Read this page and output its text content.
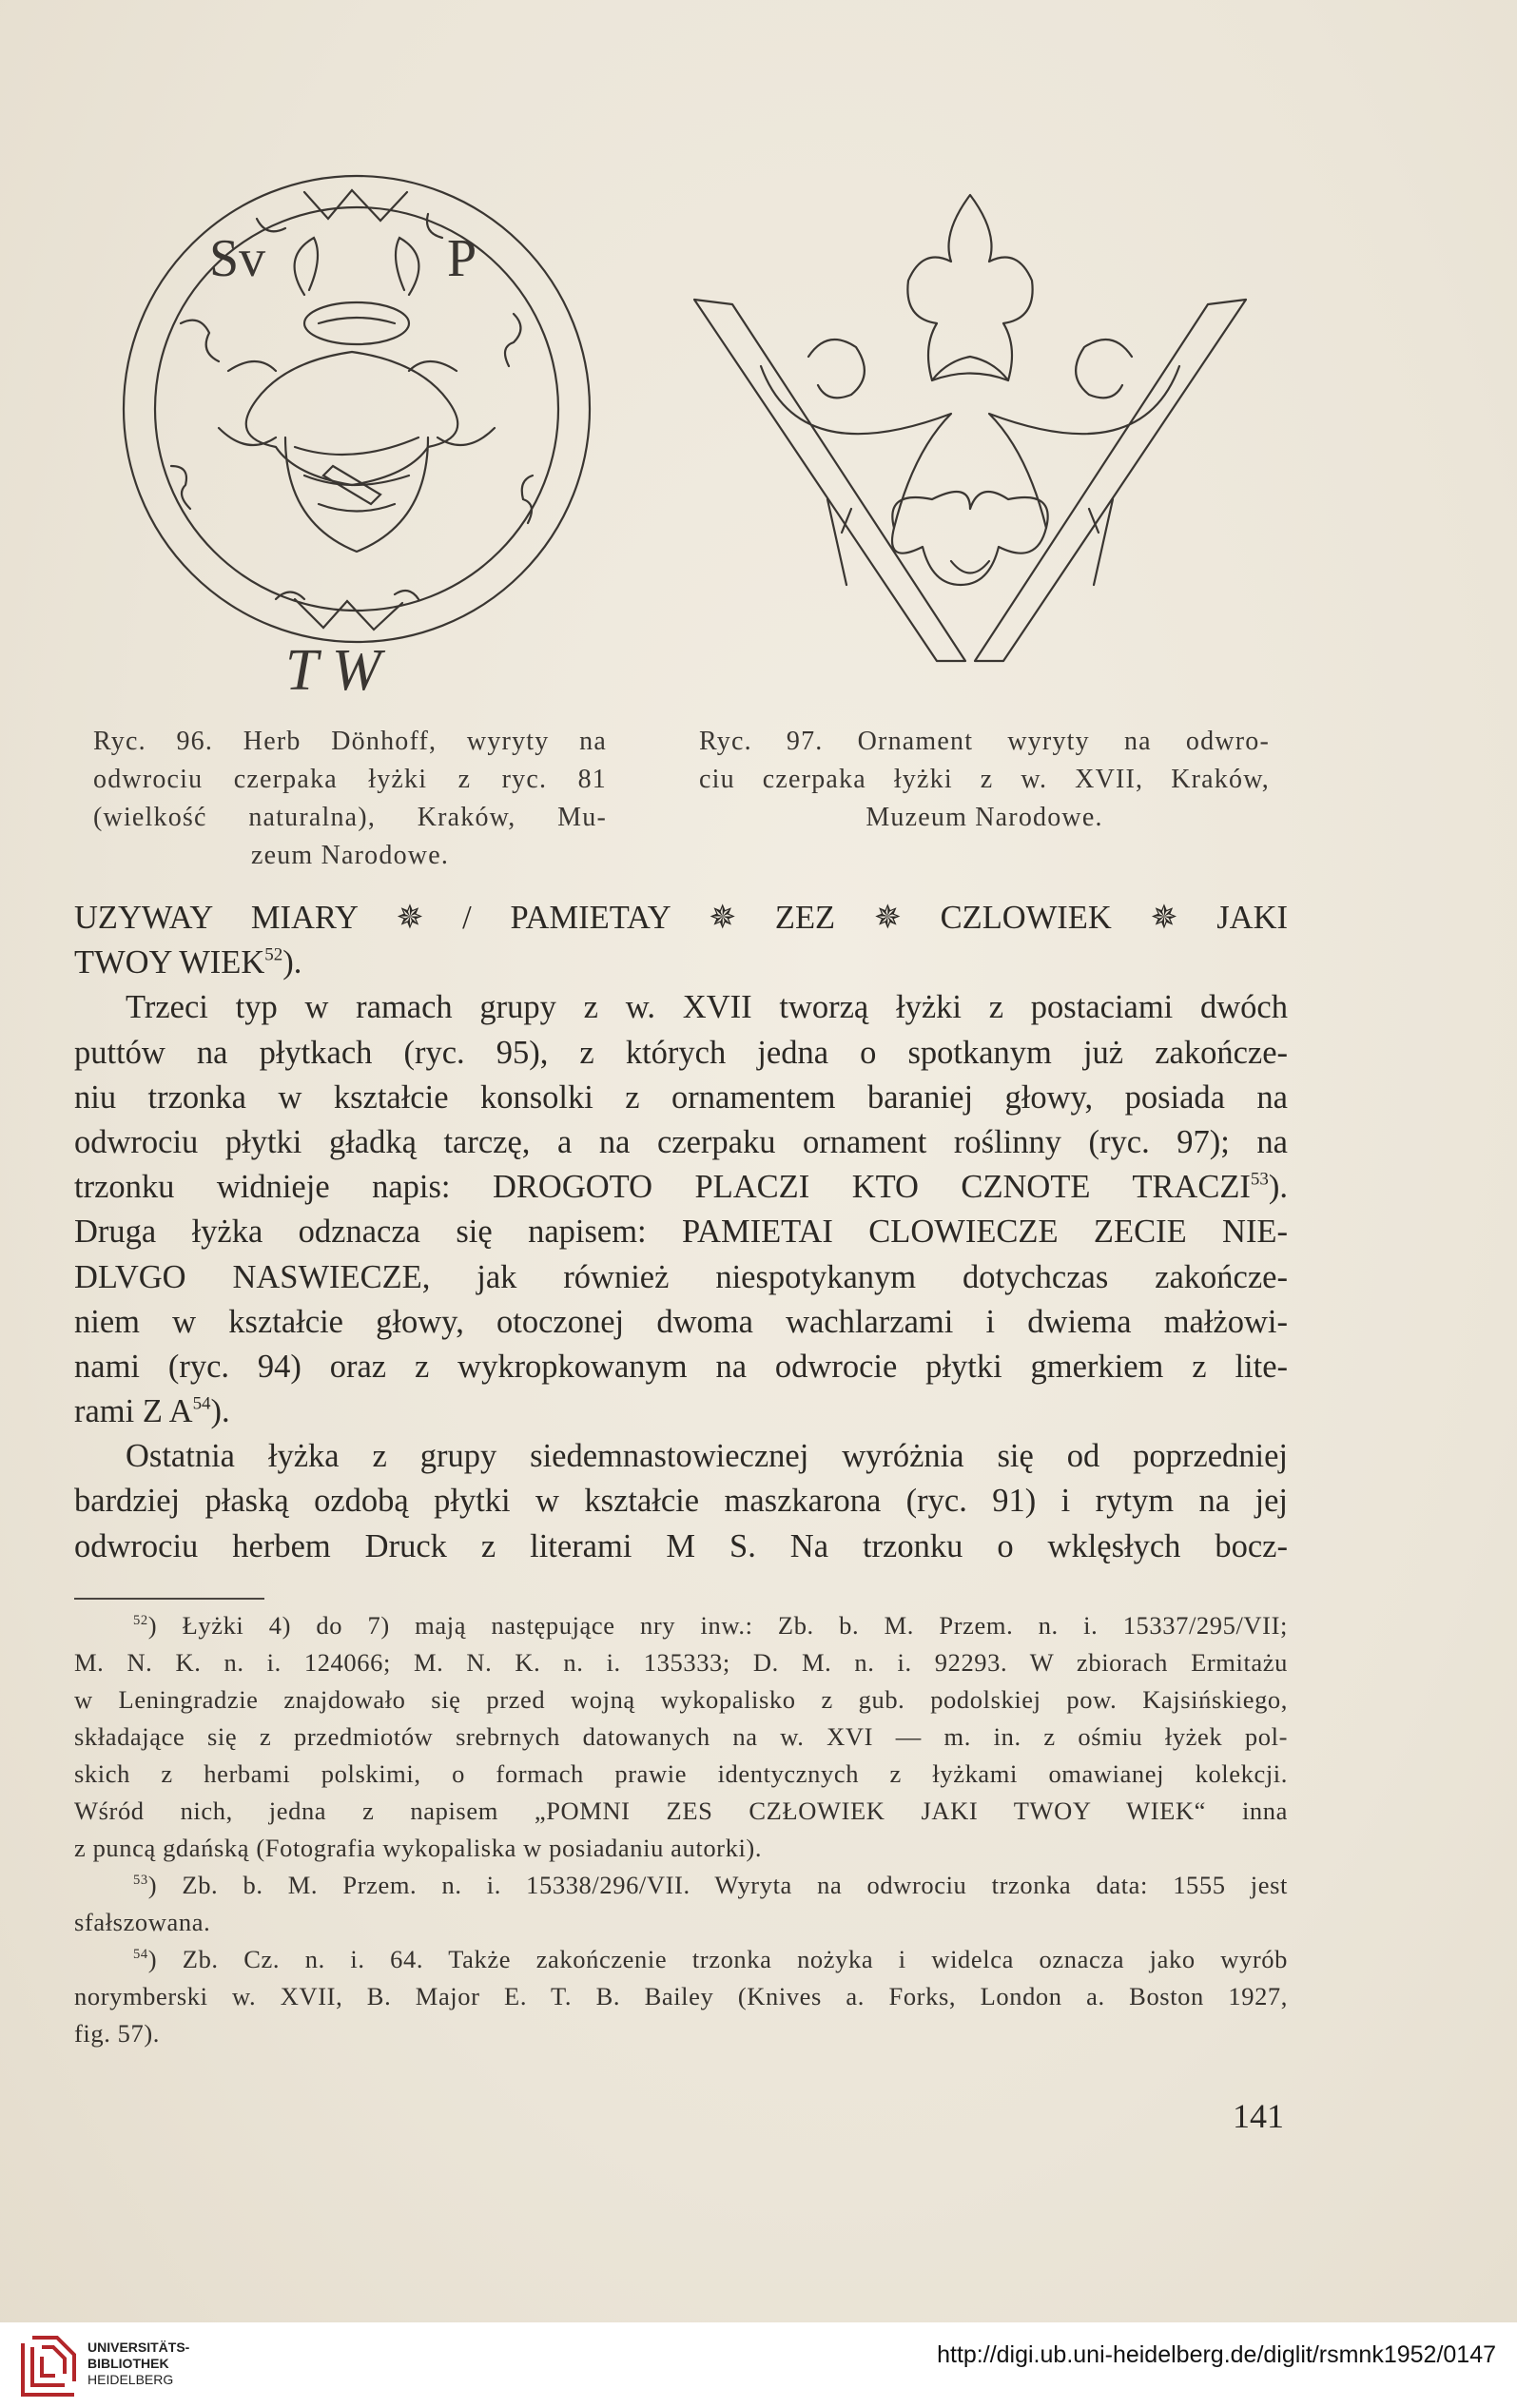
Sv	P
T W
Ryc. 96. Herb Dönhoff, wyryty na
odwrociu czerpaka łyżki z ryc. 81
(wielkość naturalna), Kraków, Mu-
zeum Narodowe.
Ryc. 97. Ornament wyryty na odwro-
ciu czerpaka łyżki z w. XVII, Kraków,
Muzeum Narodowe.
UZYWAY MIARY ✵ / PAMIETAY ✵ ZEZ ✵ CZLOWIEK ✵ JAKI
TWOY WIEK$^{52}$).
Trzeci typ w ramach grupy z w. XVII tworzą łyżki z postaciami dwóch
puttów na płytkach (ryc. 95), z których jedna o spotkanym już zakończe-
niu trzonka w kształcie konsolki z ornamentem baraniej głowy, posiada na
odwrociu płytki gładką tarczę, a na czerpaku ornament roślinny (ryc. 97); na
trzonku widnieje napis: DROGOTO PLACZI KTO CZNOTE TRACZI$^{53}$).
Druga łyżka odznacza się napisem: PAMIETAI CLOWIECZE ZECIE NIE-
DLVGO NASWIECZE, jak również niespotykanym dotychczas zakończe-
niem w kształcie głowy, otoczonej dwoma wachlarzami i dwiema małżowi-
nami (ryc. 94) oraz z wykropkowanym na odwrocie płytki gmerkiem z lite-
rami Z $A^{54}$).
Ostatnia łyżka z grupy siedemnastowiecznej wyróżnia się od poprzedniej
bardziej płaską ozdobą płytki w kształcie maszkarona (ryc. 91) i rytym na jej
odwrociu herbem Druck z literami M S. Na trzonku o wklęsłych bocz-
$^{52}$) Łyżki 4) do 7) mają następujące nry inw.: Zb. b. M. Przem. n. i. 15337/295/VII;
M. N. K. n. i. 124066; M. N. K. n. i. 135333; D. M. n. i. 92293. W zbiorach Ermitażu
w Leningradzie znajdowało się przed wojną wykopalisko z gub. podolskiej pow. Kajsińskiego,
składające się z przedmiotów srebrnych datowanych na w. XVI — m. in. z ośmiu łyżek pol-
skich z herbami polskimi, o formach prawie identycznych z łyżkami omawianej kolekcji.
Wśród nich, jedna z napisem „POMNI ZES CZŁOWIEK JAKI TWOY WIEK“ inna
z puncą gdańską (Fotografia wykopaliska w posiadaniu autorki).
$^{53}$) Zb. b. M. Przem. n. i. 15338/296/VII. Wyryta na odwrociu trzonka data: 1555 jest
sfałszowana.
$^{54}$) Zb. Cz. n. i. 64. Także zakończenie trzonka nożyka i widelca oznacza jako wyrób
norymberski w. XVII, B. Major E. T. B. Bailey (Knives a. Forks, London a. Boston 1927,
fig. 57).
141
UNIVERSITÄTS-
BIBLIOTHEK
HEIDELBERG
http://digi.ub.uni-heidelberg.de/diglit/rsmnk1952/0147
